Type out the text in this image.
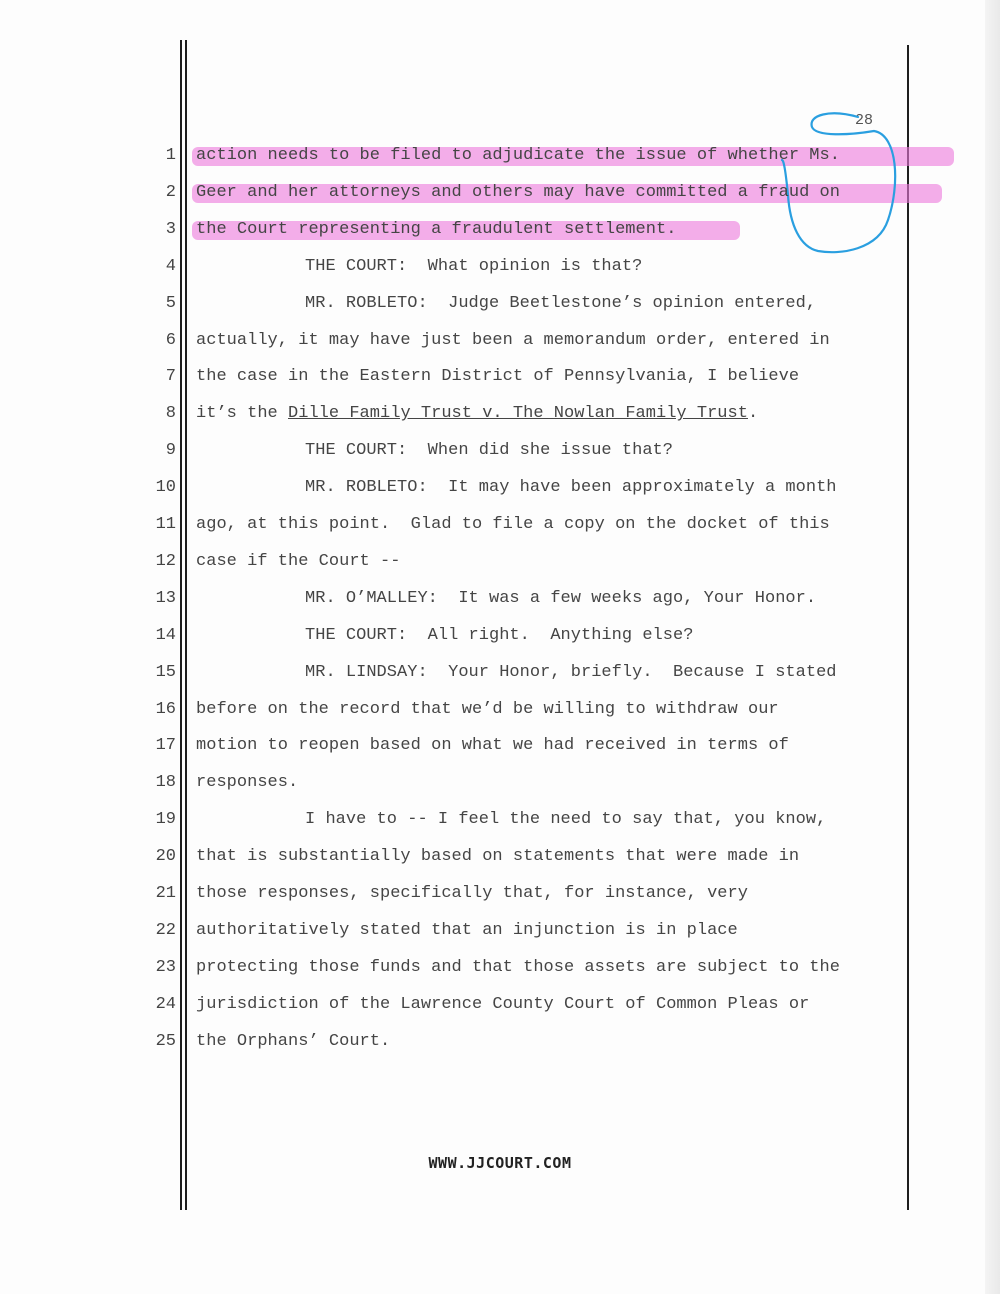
28
1 action needs to be filed to adjudicate the issue of whether Ms.
2 Geer and her attorneys and others may have committed a fraud on
3 the Court representing a fraudulent settlement.
4	THE COURT:  What opinion is that?
5	MR. ROBLETO:  Judge Beetlestone’s opinion entered,
6 actually, it may have just been a memorandum order, entered in
7 the case in the Eastern District of Pennsylvania, I believe
8 it’s the Dille Family Trust v. The Nowlan Family Trust.
9	THE COURT:  When did she issue that?
10	MR. ROBLETO:  It may have been approximately a month
11 ago, at this point.  Glad to file a copy on the docket of this
12 case if the Court --
13	MR. O’MALLEY:  It was a few weeks ago, Your Honor.
14	THE COURT:  All right.  Anything else?
15	MR. LINDSAY:  Your Honor, briefly.  Because I stated
16 before on the record that we’d be willing to withdraw our
17 motion to reopen based on what we had received in terms of
18 responses.
19	I have to -- I feel the need to say that, you know,
20 that is substantially based on statements that were made in
21 those responses, specifically that, for instance, very
22 authoritatively stated that an injunction is in place
23 protecting those funds and that those assets are subject to the
24 jurisdiction of the Lawrence County Court of Common Pleas or
25 the Orphans’ Court.
WWW.JJCOURT.COM
